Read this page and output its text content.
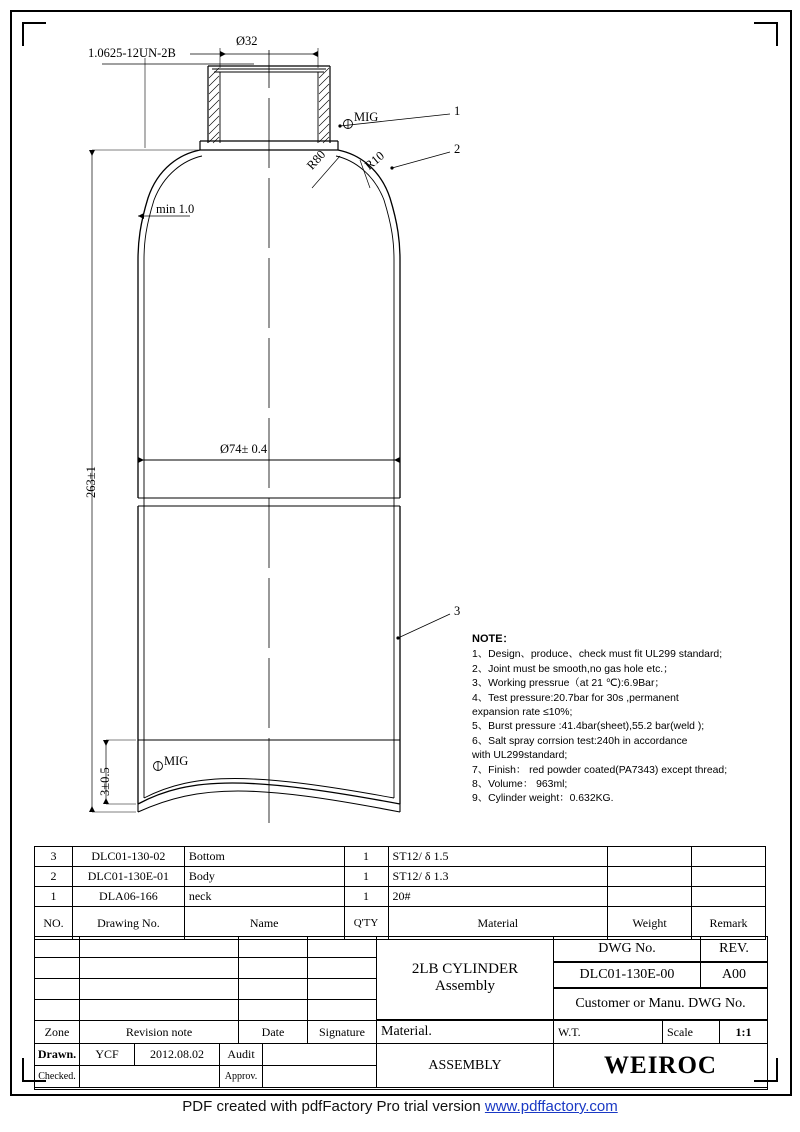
1.0625-12UN-2B
Ø32
MIG
R80	R10
min 1.0
263±1
Ø74± 0.4
3±0.5
MIG
1
2
3
NOTE：
1、Design、produce、check must fit UL299 standard;
2、Joint must be smooth,no gas hole etc.；
3、Working pressrue（at 21 ℃):6.9Bar；
4、Test pressure:20.7bar for 30s ,permanent
expansion rate ≤10%;
5、Burst pressure :41.4bar(sheet),55.2 bar(weld );
6、Salt spray corrsion test:240h in accordance
with UL299standard;
7、Finish： red powder coated(PA7343) except thread;
8、Volume： 963ml;
9、Cylinder weight：0.632KG.
3	DLC01-130-02	Bottom	1	ST12/ δ 1.5		
2	DLC01-130E-01	Body	1	ST12/ δ 1.3		
1	DLA06-166	neck	1	20#		
NO.	Drawing No.	Name	Q'TY	Material	Weight	Remark
Zone	Revision note	Date	Signature
Drawn.	YCF	2012.08.02	Audit
Checked.	Approv.
2LB CYLINDER
Assembly
Material.
ASSEMBLY
DWG No.	REV.
DLC01-130E-00	A00
Customer or Manu. DWG No.
W.T.	Scale	1:1
WEIROC
PDF created with pdfFactory Pro trial version www.pdffactory.com
